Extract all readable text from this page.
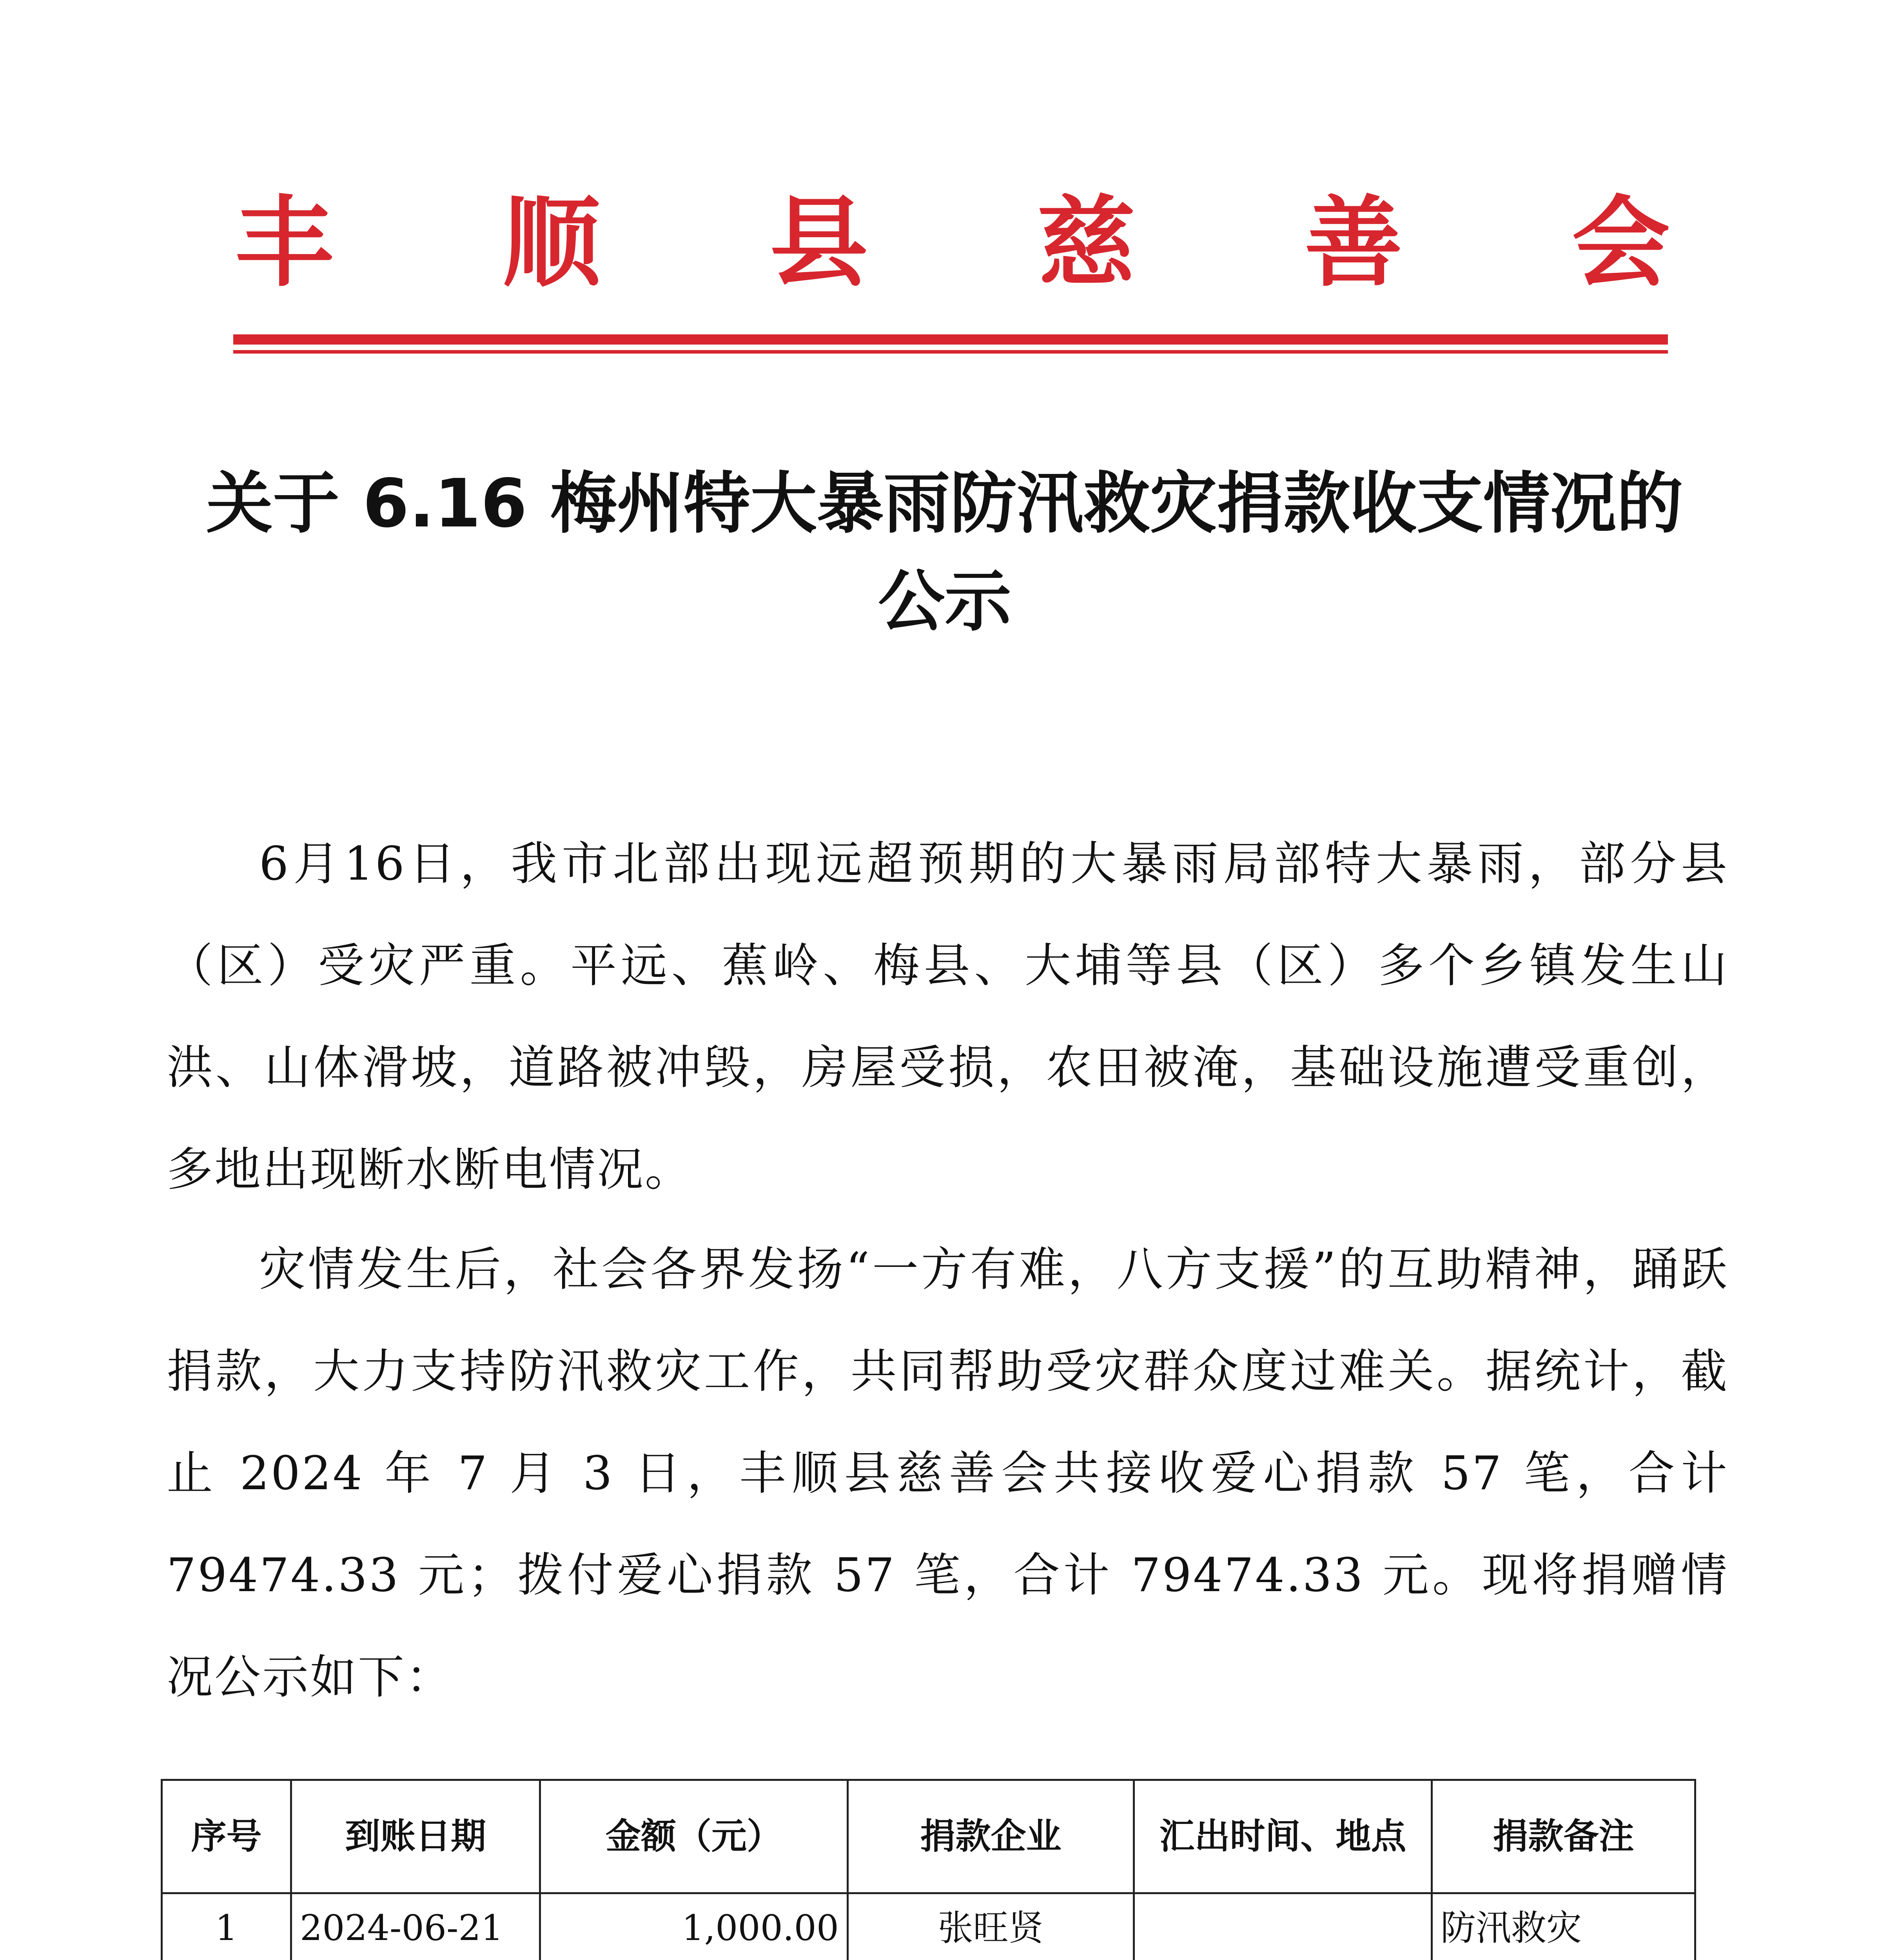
丰 顺 县 慈 善 会
关于 6.16 梅州特大暴雨防汛救灾捐款收支情况的
公示

6月16日，我市北部出现远超预期的大暴雨局部特大暴雨，部分县（区）受灾严重。平远、蕉岭、梅县、大埔等县（区）多个乡镇发生山洪、山体滑坡，道路被冲毁，房屋受损，农田被淹，基础设施遭受重创，多地出现断水断电情况。

灾情发生后，社会各界发扬“一方有难，八方支援”的互助精神，踊跃捐款，大力支持防汛救灾工作，共同帮助受灾群众度过难关。据统计，截止 2024 年 7 月 3 日，丰顺县慈善会共接收爱心捐款 57 笔，合计 79474.33 元；拨付爱心捐款 57 笔，合计 79474.33 元。现将捐赠情况公示如下：

序号	到账日期	金额（元）	捐款企业	汇出时间、地点	捐款备注
1	2024-06-21	1,000.00	张旺贤		防汛救灾
